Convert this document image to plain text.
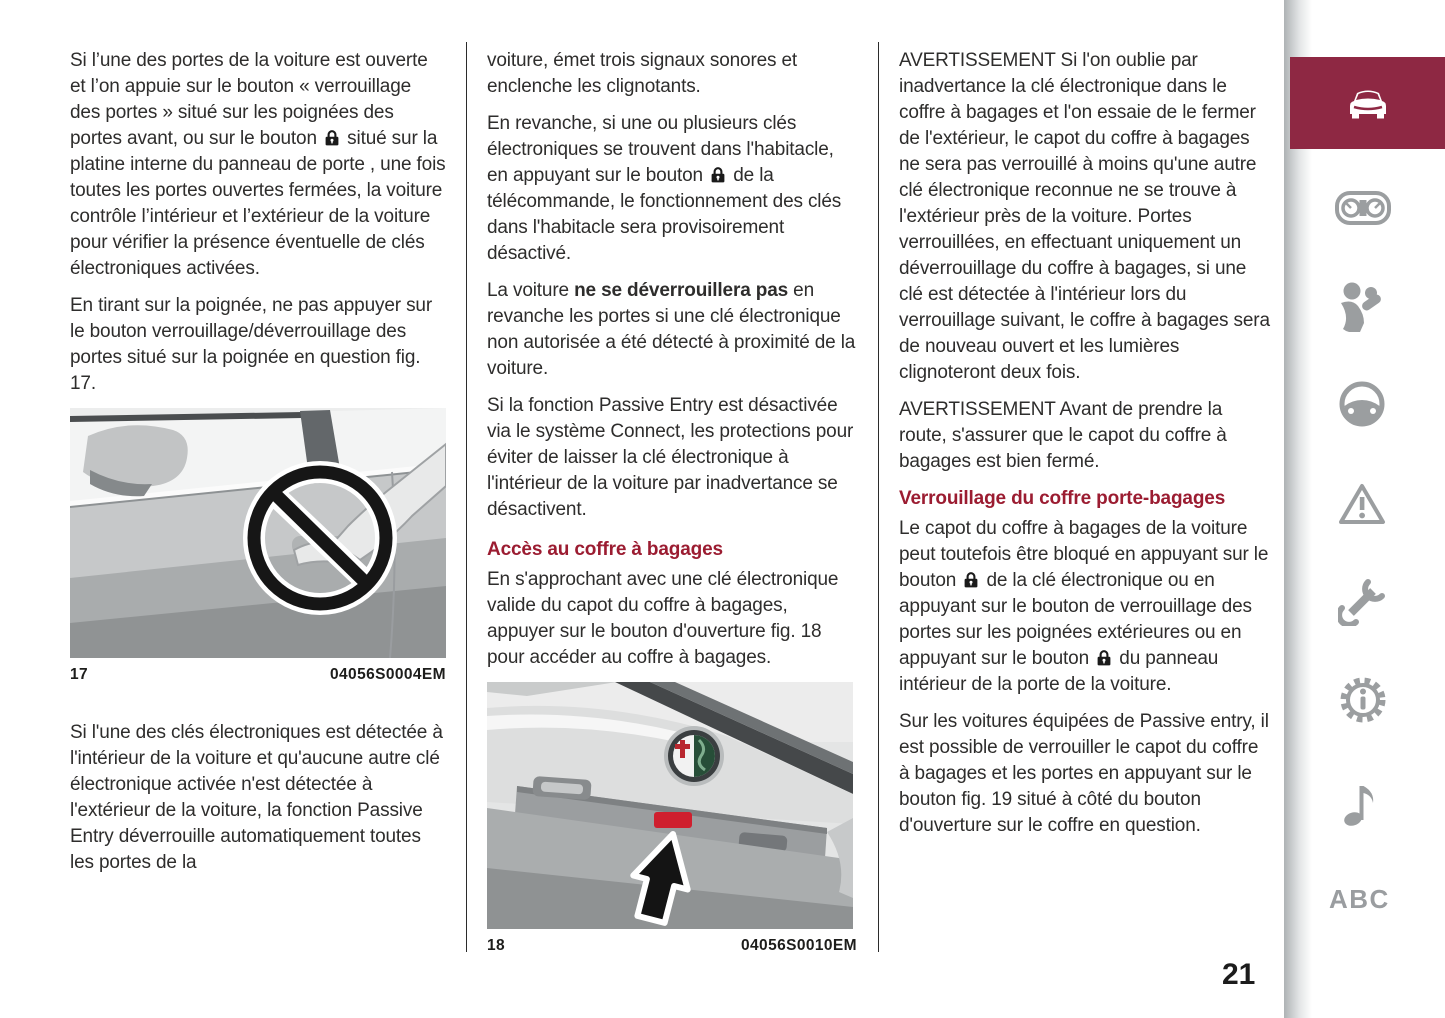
Si l’une des portes de la voiture est ouverte et l’on appuie sur le bouton « verrouillage des portes » situé sur les poignées des portes avant, ou sur le bouton  situé sur la platine interne du panneau de porte , une fois toutes les portes ouvertes fermées, la voiture contrôle l’intérieur et l’extérieur de la voiture pour vérifier la présence éventuelle de clés électroniques activées.

En tirant sur la poignée, ne pas appuyer sur le bouton verrouillage/déverrouillage des portes situé sur la poignée en question fig. 17.

17	04056S0004EM

Si l'une des clés électroniques est détectée à l'intérieur de la voiture et qu'aucune autre clé électronique activée n'est détectée à l'extérieur de la voiture, la fonction Passive Entry déverrouille automatiquement toutes les portes de la

voiture, émet trois signaux sonores et enclenche les clignotants.

En revanche, si une ou plusieurs clés électroniques se trouvent dans l'habitacle, en appuyant sur le bouton  de la télécommande, le fonctionnement des clés dans l'habitacle sera provisoirement désactivé.

La voiture ne se déverrouillera pas en revanche les portes si une clé électronique non autorisée a été détecté à proximité de la voiture.

Si la fonction Passive Entry est désactivée via le système Connect, les protections pour éviter de laisser la clé électronique à l'intérieur de la voiture par inadvertance se désactivent.

Accès au coffre à bagages

En s'approchant avec une clé électronique valide du capot du coffre à bagages, appuyer sur le bouton d'ouverture fig. 18 pour accéder au coffre à bagages.

18	04056S0010EM

AVERTISSEMENT Si l'on oublie par inadvertance la clé électronique dans le coffre à bagages et l'on essaie de le fermer de l'extérieur, le capot du coffre à bagages ne sera pas verrouillé à moins qu'une autre clé électronique reconnue ne se trouve à l'extérieur près de la voiture. Portes verrouillées, en effectuant uniquement un déverrouillage du coffre à bagages, si une clé est détectée à l'intérieur lors du verrouillage suivant, le coffre à bagages sera de nouveau ouvert et les lumières clignoteront deux fois.

AVERTISSEMENT Avant de prendre la route, s'assurer que le capot du coffre à bagages est bien fermé.

Verrouillage du coffre porte-bagages

Le capot du coffre à bagages de la voiture peut toutefois être bloqué en appuyant sur le bouton  de la clé électronique ou en appuyant sur le bouton de verrouillage des portes sur les poignées extérieures ou en appuyant sur le bouton  du panneau intérieur de la porte de la voiture.

Sur les voitures équipées de Passive entry, il est possible de verrouiller le capot du coffre à bagages et les portes en appuyant sur le bouton fig. 19 situé à côté du bouton d'ouverture sur le coffre en question.

ABC
21
